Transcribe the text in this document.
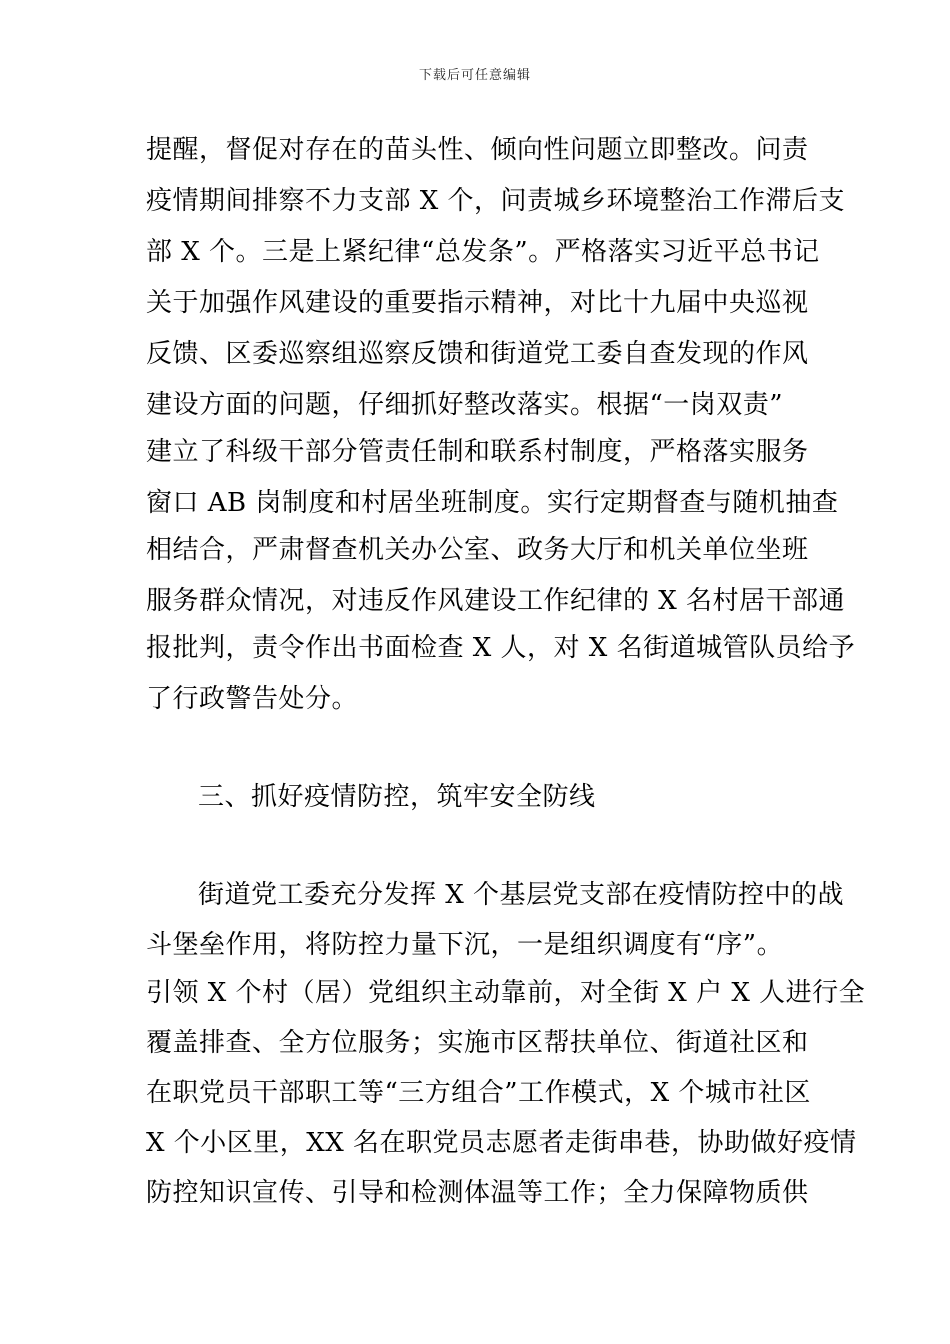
下载后可任意编辑
提醒，督促对存在的苗头性、倾向性问题立即整改。问责
疫情期间排察不力支部 X 个，问责城乡环境整治工作滞后支
部 X 个。三是上紧纪律“总发条”。严格落实习近平总书记
关于加强作风建设的重要指示精神，对比十九届中央巡视
反馈、区委巡察组巡察反馈和街道党工委自查发现的作风
建设方面的问题，仔细抓好整改落实。根据“一岗双责”
建立了科级干部分管责任制和联系村制度，严格落实服务
窗口 AB 岗制度和村居坐班制度。实行定期督查与随机抽查
相结合，严肃督查机关办公室、政务大厅和机关单位坐班
服务群众情况，对违反作风建设工作纪律的 X 名村居干部通
报批判，责令作出书面检查 X 人，对 X 名街道城管队员给予
了行政警告处分。
三、抓好疫情防控，筑牢安全防线
街道党工委充分发挥 X 个基层党支部在疫情防控中的战
斗堡垒作用，将防控力量下沉，一是组织调度有“序”。
引领 X 个村（居）党组织主动靠前，对全街 X 户 X 人进行全
覆盖排查、全方位服务；实施市区帮扶单位、街道社区和
在职党员干部职工等“三方组合”工作模式，X 个城市社区
X 个小区里，XX 名在职党员志愿者走街串巷，协助做好疫情
防控知识宣传、引导和检测体温等工作；全力保障物质供
